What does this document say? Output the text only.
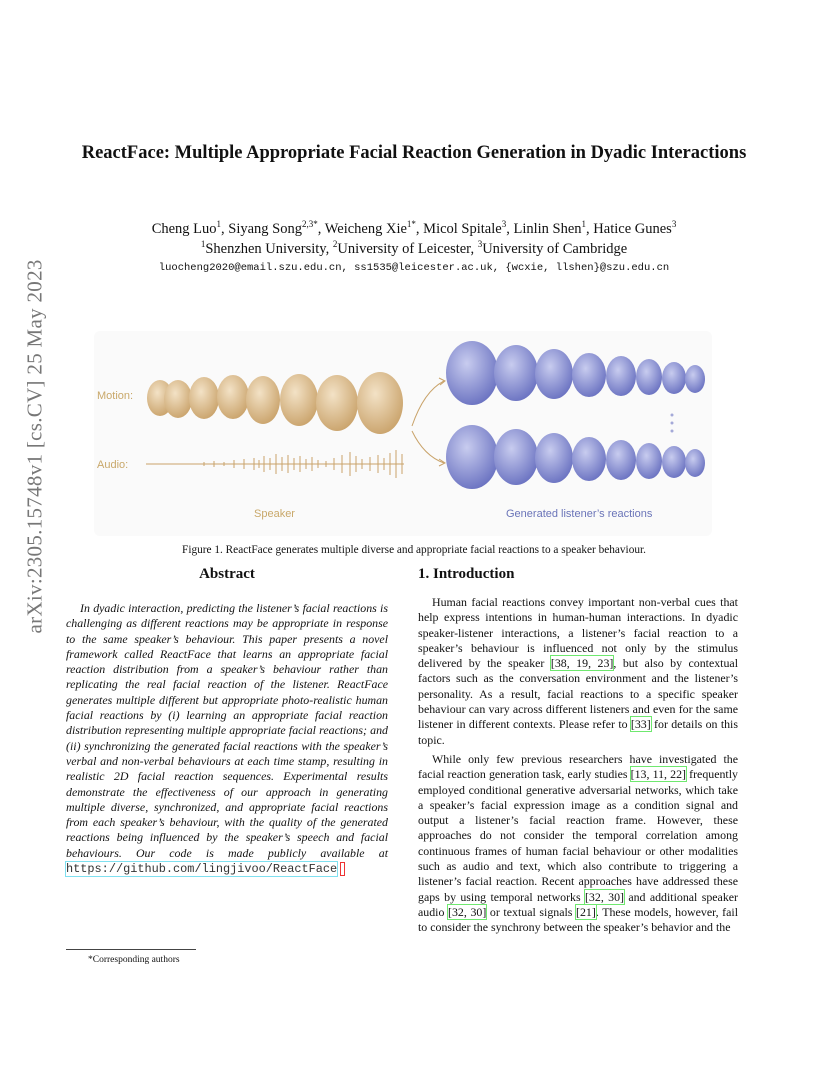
arXiv:2305.15748v1 [cs.CV] 25 May 2023
ReactFace: Multiple Appropriate Facial Reaction Generation in Dyadic Interactions
Cheng Luo$^1$, Siyang Song$^{2,3*}$, Weicheng Xie$^{1*}$, Micol Spitale$^3$, Linlin Shen$^1$, Hatice Gunes$^3$
$^1$Shenzhen University, $^2$University of Leicester, $^3$University of Cambridge
luocheng2020@email.szu.edu.cn, ss1535@leicester.ac.uk, {wcxie, llshen}@szu.edu.cn
Motion:
Audio:
Speaker	Generated listener’s reactions
Figure 1. ReactFace generates multiple diverse and appropriate facial reactions to a speaker behaviour.
Abstract	1. Introduction
In dyadic interaction, predicting the listener’s facial reactions is challenging as different reactions may be appropriate in response to the same speaker’s behaviour. This paper presents a novel framework called ReactFace that learns an appropriate facial reaction distribution from a speaker’s behaviour rather than replicating the real facial reaction of the listener. ReactFace generates multiple different but appropriate photo-realistic human facial reactions by (i) learning an appropriate facial reaction distribution representing multiple appropriate facial reactions; and (ii) synchronizing the generated facial reactions with the speaker’s verbal and non-verbal behaviours at each time stamp, resulting in realistic 2D facial reaction sequences. Experimental results demonstrate the effectiveness of our approach in generating multiple diverse, synchronized, and appropriate facial reactions from each speaker’s behaviour, with the quality of the generated reactions being influenced by the speaker’s speech and facial behaviours. Our code is made publicly available at https://github.com/lingjivoo/ReactFace

Human facial reactions convey important non-verbal cues that help express intentions in human-human interactions. In dyadic speaker-listener interactions, a listener’s facial reaction to a speaker’s behaviour is influenced not only by the stimulus delivered by the speaker [38, 19, 23], but also by contextual factors such as the conversation environment and the listener’s personality. As a result, facial reactions to a specific speaker behaviour can vary across different listeners and even for the same listener in different contexts. Please refer to [33] for details on this topic.

While only few previous researchers have investigated the facial reaction generation task, early studies [13, 11, 22] frequently employed conditional generative adversarial networks, which take a speaker’s facial expression image as a condition signal and output a listener’s facial reaction frame. However, these approaches do not consider the temporal correlation among continuous frames of human facial behaviour or other modalities such as audio and text, which also contribute to triggering a listener’s facial reaction. Recent approaches have addressed these gaps by using temporal networks [32, 30] and additional speaker audio [32, 30] or textual signals [21]. These models, however, fail to consider the synchrony between the speaker’s behavior and the

*Corresponding authors
